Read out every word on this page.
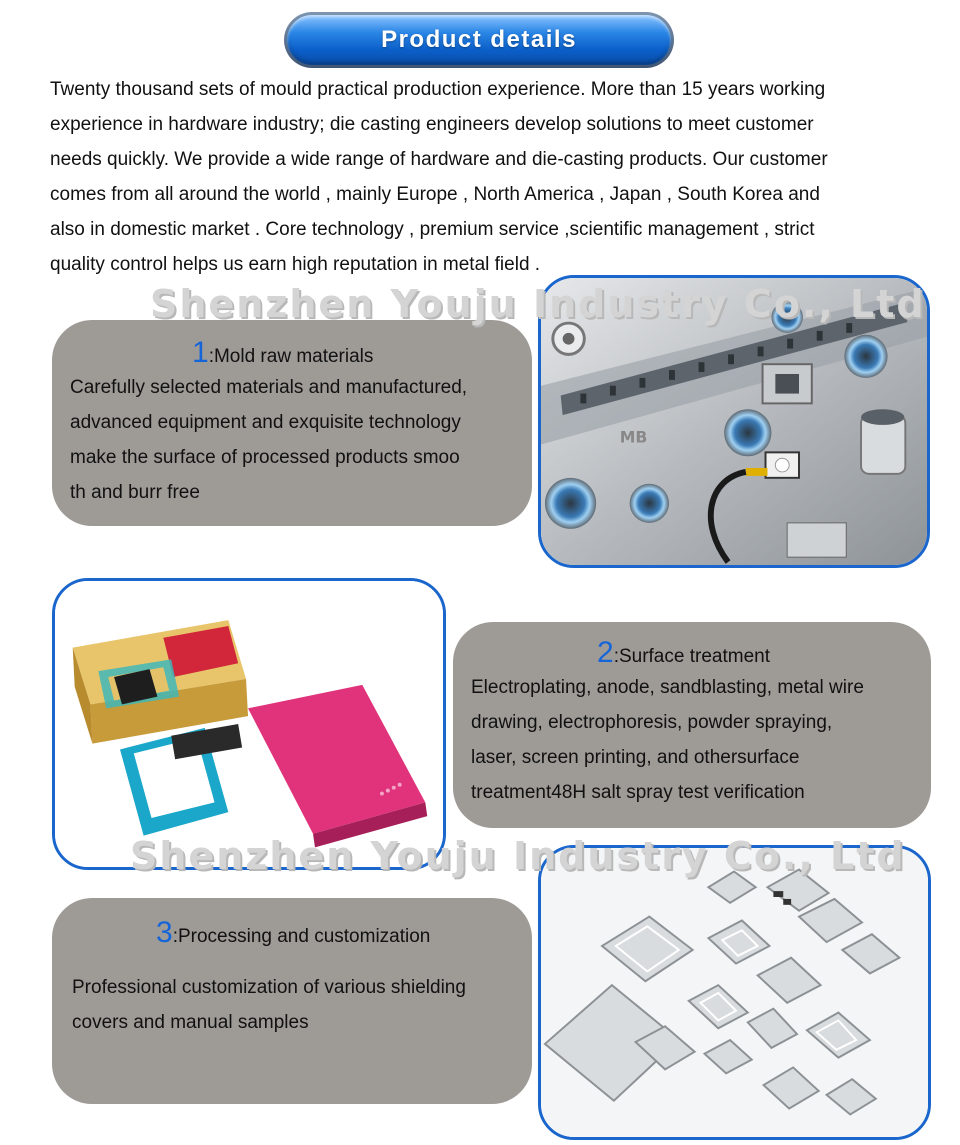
Product details
Twenty thousand sets of mould practical production experience. More than 15 years working
experience in hardware industry; die casting engineers develop solutions to meet customer
needs quickly. We provide a wide range of hardware and die-casting products. Our customer
comes from all around the world , mainly Europe , North America , Japan , South Korea and
also in domestic market . Core technology , premium service ,scientific management , strict
quality control helps us earn high reputation in metal field .
MB
1:Mold raw materials
Carefully selected materials and manufactured,
advanced equipment and exquisite technology
make the surface of processed products smoo
th and burr free
2:Surface treatment
Electroplating, anode, sandblasting, metal wire
drawing, electrophoresis, powder spraying,
laser, screen printing, and othersurface
treatment48H salt spray test verification
3:Processing and customization
Professional customization of various shielding
covers and manual samples
Shenzhen Youju Industry Co., Ltd
Shenzhen Youju Industry Co., Ltd
